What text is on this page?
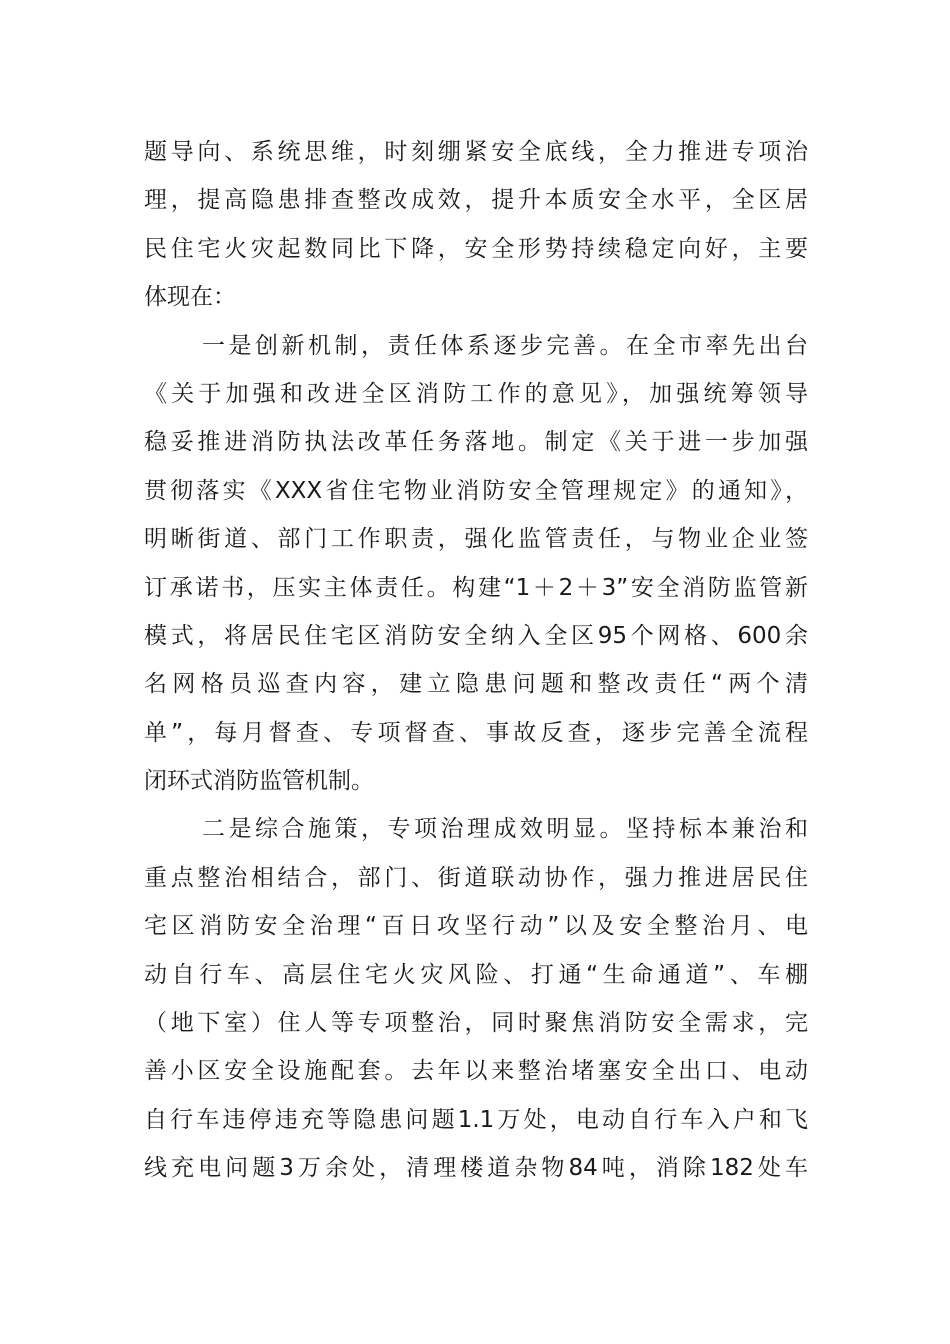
题导向、系统思维，时刻绷紧安全底线，全力推进专项治
理，提高隐患排查整改成效，提升本质安全水平，全区居
民住宅火灾起数同比下降，安全形势持续稳定向好，主要
体现在：
一是创新机制，责任体系逐步完善。在全市率先出台
《关于加强和改进全区消防工作的意见》，加强统筹领导
稳妥推进消防执法改革任务落地。制定《关于进一步加强
贯彻落实《XXX省住宅物业消防安全管理规定》的通知》，
明晰街道、部门工作职责，强化监管责任，与物业企业签
订承诺书，压实主体责任。构建“1＋2＋3”安全消防监管新
模式，将居民住宅区消防安全纳入全区95个网格、600余
名网格员巡查内容，建立隐患问题和整改责任“两个清
单”，每月督查、专项督查、事故反查，逐步完善全流程
闭环式消防监管机制。
二是综合施策，专项治理成效明显。坚持标本兼治和
重点整治相结合，部门、街道联动协作，强力推进居民住
宅区消防安全治理“百日攻坚行动”以及安全整治月、电
动自行车、高层住宅火灾风险、打通“生命通道”、车棚
（地下室）住人等专项整治，同时聚焦消防安全需求，完
善小区安全设施配套。去年以来整治堵塞安全出口、电动
自行车违停违充等隐患问题1.1万处，电动自行车入户和飞
线充电问题3万余处，清理楼道杂物84吨，消除182处车
